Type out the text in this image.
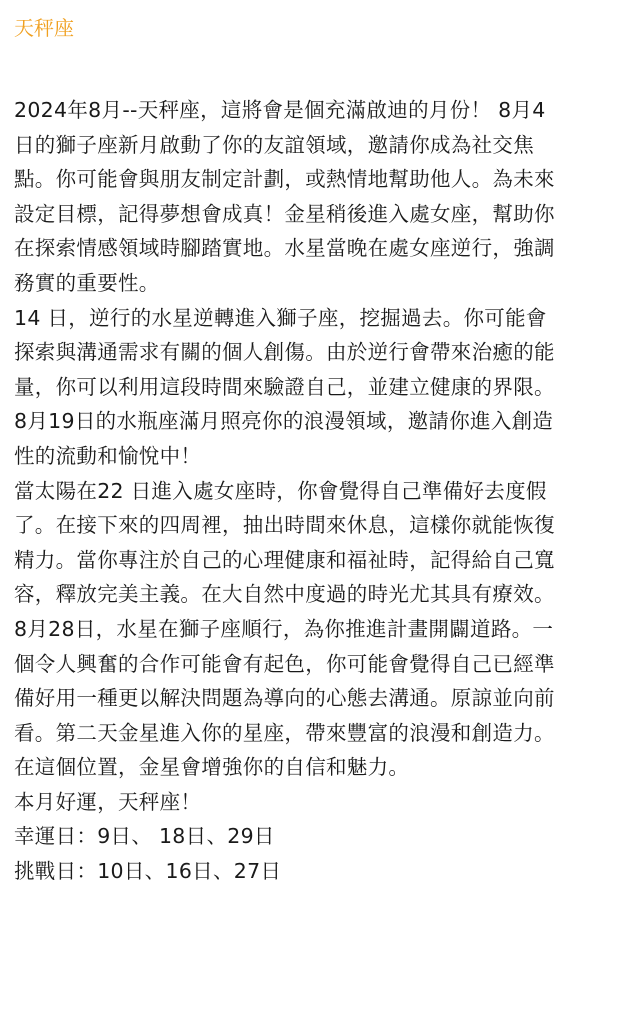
天秤座
2024年8月--天秤座，這將會是個充滿啟迪的月份！ 8月4
日的獅子座新月啟動了你的友誼領域，邀請你成為社交焦
點。你可能會與朋友制定計劃，或熱情地幫助他人。為未來
設定目標，記得夢想會成真！金星稍後進入處女座，幫助你
在探索情感領域時腳踏實地。水星當晚在處女座逆行，強調
務實的重要性。
14 日，逆行的水星逆轉進入獅子座，挖掘過去。你可能會
探索與溝通需求有關的個人創傷。由於逆行會帶來治癒的能
量，你可以利用這段時間來驗證自己，並建立健康的界限。
8月19日的水瓶座滿月照亮你的浪漫領域，邀請你進入創造
性的流動和愉悅中！
當太陽在22 日進入處女座時，你會覺得自己準備好去度假
了。在接下來的四周裡，抽出時間來休息，這樣你就能恢復
精力。當你專注於自己的心理健康和福祉時，記得給自己寬
容，釋放完美主義。在大自然中度過的時光尤其具有療效。
8月28日，水星在獅子座順行，為你推進計畫開闢道路。一
個令人興奮的合作可能會有起色，你可能會覺得自己已經準
備好用一種更以解決問題為導向的心態去溝通。原諒並向前
看。第二天金星進入你的星座，帶來豐富的浪漫和創造力。
在這個位置，金星會增強你的自信和魅力。
本月好運，天秤座！
幸運日：9日、 18日、29日
挑戰日：10日、16日、27日
